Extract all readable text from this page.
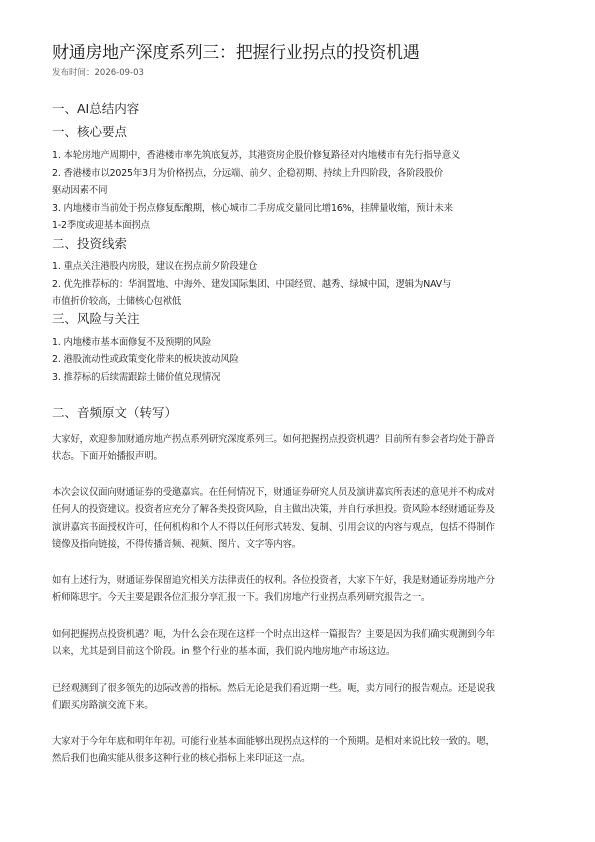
财通房地产深度系列三：把握行业拐点的投资机遇
发布时间：2026-09-03
一、AI总结内容
一、核心要点
1. 本轮房地产周期中，香港楼市率先筑底复苏，其港资房企股价修复路径对内地楼市有先行指导意义
2. 香港楼市以2025年3月为价格拐点，分远端、前夕、企稳初期、持续上升四阶段，各阶段股价
驱动因素不同
3. 内地楼市当前处于拐点修复酝酿期，核心城市二手房成交量同比增16%，挂牌量收缩，预计未来
1-2季度或迎基本面拐点
二、投资线索
1. 重点关注港股内房股，建议在拐点前夕阶段建仓
2. 优先推荐标的：华润置地、中海外、建发国际集团、中国经贸、越秀、绿城中国，逻辑为NAV与
市值折价较高，土储核心包袱低
三、风险与关注
1. 内地楼市基本面修复不及预期的风险
2. 港股流动性或政策变化带来的板块波动风险
3. 推荐标的后续需跟踪土储价值兑现情况
二、音频原文（转写）
大家好，欢迎参加财通房地产拐点系列研究深度系列三。如何把握拐点投资机遇？目前所有参会者均处于静音
状态。下面开始播报声明。
本次会议仅面向财通证券的受邀嘉宾。在任何情况下，财通证券研究人员及演讲嘉宾所表述的意见并不构成对
任何人的投资建议。投资者应充分了解各类投资风险，自主做出决策，并自行承担投。资风险本经财通证券及
演讲嘉宾书面授权许可，任何机构和个人不得以任何形式转发、复制、引用会议的内容与观点，包括不得制作
镜像及指向链接，不得传播音频、视频、图片、文字等内容。
如有上述行为，财通证券保留追究相关方法律责任的权利。各位投资者，大家下午好，我是财通证券房地产分
析师陈思宇。今天主要是跟各位汇报分享汇报一下。我们房地产行业拐点系列研究报告之一。
如何把握拐点投资机遇？呃，为什么会在现在这样一个时点出这样一篇报告？主要是因为我们确实观测到今年
以来，尤其是到目前这个阶段。in 整个行业的基本面，我们说内地房地产市场这边。
已经观测到了很多领先的边际改善的指标。然后无论是我们看近期一些。呃，卖方同行的报告观点。还是说我
们跟买房路演交流下来。
大家对于今年年底和明年年初。可能行业基本面能够出现拐点这样的一个预期。是相对来说比较一致的。嗯，
然后我们也确实能从很多这种行业的核心指标上来印证这一点。
